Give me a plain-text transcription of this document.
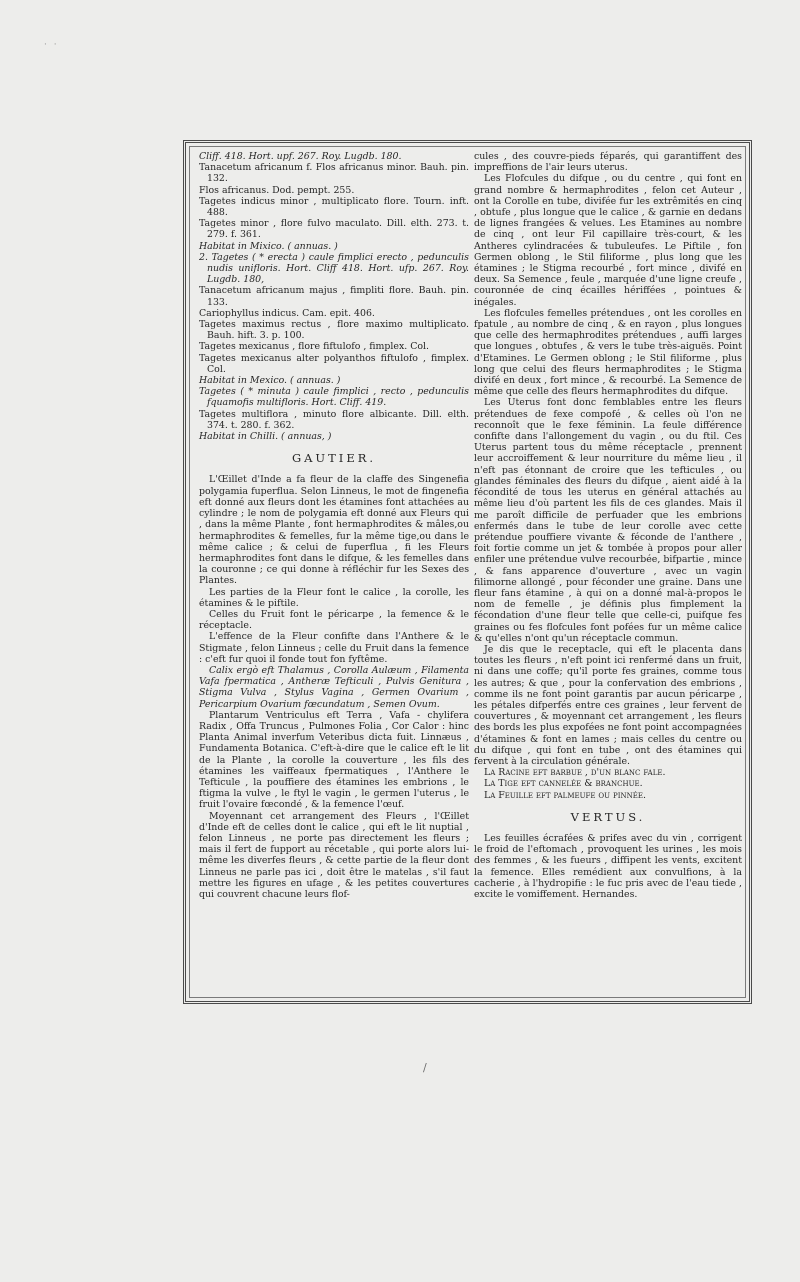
· ·

Cliff. 418. Hort. upf. 267. Roy. Lugdb. 180.

Tanacetum africanum f. Flos africanus minor. Bauh. pin. 132.

Flos africanus. Dod. pempt. 255.

Tagetes indicus minor , multiplicato flore. Tourn. inft. 488.

Tagetes minor , flore fulvo maculato. Dill. elth. 273. t. 279. f. 361.

Habitat in Mixico. ( annuas. )

2. Tagetes ( * erecta ) caule fimplici erecto , pedunculis nudis unifloris. Hort. Cliff 418. Hort. ufp. 267. Roy. Lugdb. 180,

Tanacetum africanum majus , fimpliti flore. Bauh. pin. 133.

Cariophyllus indicus. Cam. epit. 406.

Tagetes maximus rectus , flore maximo multiplicato. Bauh. hift. 3. p. 100.

Tagetes mexicanus , flore fiftulofo , fimplex. Col.

Tagetes mexicanus alter polyanthos fiftulofo , fimplex. Col.

Habitat in Mexico. ( annuas. )

Tagetes ( * minuta ) caule fimplici , recto , pedunculis fquamofis multifloris. Hort. Cliff. 419.

Tagetes multiflora , minuto flore albicante. Dill. elth. 374. t. 280. f. 362.

Habitat in Chilli. ( annuas, )

GAUTIER.

L'Œillet d'Inde a fa fleur de la claffe des Singenefia polygamia fuperflua. Selon Linneus, le mot de fingenefia eft donné aux fleurs dont les étamines font attachées au cylindre ; le nom de polygamia eft donné aux Fleurs qui , dans la même Plante , font hermaphrodites & mâles,ou hermaphrodites & femelles, fur la même tige,ou dans le même calice ; & celui de fuperflua , fi les Fleurs hermaphrodites font dans le difque, & les femelles dans la couronne ; ce qui donne à réfléchir fur les Sexes des Plantes.

Les parties de la Fleur font le calice , la corolle, les étamines & le piftile.

Celles du Fruit font le péricarpe , la femence & le réceptacle.

L'effence de la Fleur confifte dans l'Anthere & le Stigmate , felon Linneus ; celle du Fruit dans la femence : c'eft fur quoi il fonde tout fon fyftême.

Calix ergò eft Thalamus , Corolla Aulæum , Filamenta Vafa fpermatica , Antheræ Tefticuli , Pulvis Genitura , Stigma Vulva , Stylus Vagina , Germen Ovarium , Pericarpium Ovarium fœcundatum , Semen Ovum.

Plantarum Ventriculus eft Terra , Vafa - chylifera Radix , Offa Truncus , Pulmones Folia , Cor Calor : hinc Planta Animal inverfum Veteribus dicta fuit. Linnæus , Fundamenta Botanica. C'eft-à-dire que le calice eft le lit de la Plante , la corolle la couverture , les fils des étamines les vaiffeaux fpermatiques , l'Anthere le Tefticule , la pouffiere des étamines les embrions , le ftigma la vulve , le ftyl le vagin , le germen l'uterus , le fruit l'ovaire fœcondé , & la femence l'œuf.

Moyennant cet arrangement des Fleurs , l'Œillet d'Inde eft de celles dont le calice , qui eft le lit nuptial , felon Linneus , ne porte pas directement les fleurs ; mais il fert de fupport au récetable , qui porte alors lui-même les diverfes fleurs , & cette partie de la fleur dont Linneus ne parle pas ici , doit être le matelas , s'il faut mettre les figures en ufage , & les petites couvertures qui couvrent chacune leurs flof-

cules , des couvre-pieds féparés, qui garantiffent des impreffions de l'air leurs uterus.

Les Flofcules du difque , ou du centre , qui font en grand nombre & hermaphrodites , felon cet Auteur , ont la Corolle en tube, divifée fur les extrêmités en cinq , obtufe , plus longue que le calice , & garnie en dedans de lignes frangées & velues. Les Etamines au nombre de cinq , ont leur Fil capillaire très-court, & les Antheres cylindracées & tubuleufes. Le Piftile , fon Germen oblong , le Stil filiforme , plus long que les étamines ; le Stigma recourbé , fort mince , divifé en deux. Sa Semence , feule , marquée d'une ligne creufe , couronnée de cinq écailles hériffées , pointues & inégales.

Les flofcules femelles prétendues , ont les corolles en fpatule , au nombre de cinq , & en rayon , plus longues que celle des hermaphrodites prétendues , auffi larges que longues , obtufes , & vers le tube très-aiguës. Point d'Etamines. Le Germen oblong ; le Stil filiforme , plus long que celui des fleurs hermaphrodites ; le Stigma divifé en deux , fort mince , & recourbé. La Semence de même que celle des fleurs hermaphrodites du difque.

Les Uterus font donc femblables entre les fleurs prétendues de fexe compofé , & celles où l'on ne reconnoît que le fexe féminin. La feule différence confifte dans l'allongement du vagin , ou du ftil. Ces Uterus partent tous du même réceptacle , prennent leur accroiffement & leur nourriture du même lieu , il n'eft pas étonnant de croire que les tefticules , ou glandes féminales des fleurs du difque , aient aidé à la fécondité de tous les uterus en général attachés au même lieu d'où partent les fils de ces glandes. Mais il me paroît difficile de perfuader que les embrions enfermés dans le tube de leur corolle avec cette prétendue pouffiere vivante & féconde de l'anthere , foit fortie comme un jet & tombée à propos pour aller enfiler une prétendue vulve recourbée, bifpartie , mince , & fans apparence d'ouverture , avec un vagin filimorne allongé , pour féconder une graine. Dans une fleur fans étamine , à qui on a donné mal-à-propos le nom de femelle , je définis plus fimplement la fécondation d'une fleur telle que celle-ci, puifque fes graines ou fes flofcules font pofées fur un même calice & qu'elles n'ont qu'un réceptacle commun.

Je dis que le receptacle, qui eft le placenta dans toutes les fleurs , n'eft point ici renfermé dans un fruit, ni dans une coffe; qu'il porte fes graines, comme tous les autres; & que , pour la confervation des embrions , comme ils ne font point garantis par aucun péricarpe , les pétales difperfés entre ces graines , leur fervent de couvertures , & moyennant cet arrangement , les fleurs des bords les plus expofées ne font point accompagnées d'étamines & font en lames ; mais celles du centre ou du difque , qui font en tube , ont des étamines qui fervent à la circulation générale.

La Racine eft barbue , d'un blanc fale.

La Tige eft cannelée & branchue.

La Feuille eft palmeufe ou pinnée.

VERTUS.

Les feuilles écrafées & prifes avec du vin , corrigent le froid de l'eftomach , provoquent les urines , les mois des femmes , & les fueurs , diffipent les vents, excitent la femence. Elles remédient aux convulfions, à la cacherie , à l'hydropifie : le fuc pris avec de l'eau tiede , excite le vomiffement. Hernandes.

/
